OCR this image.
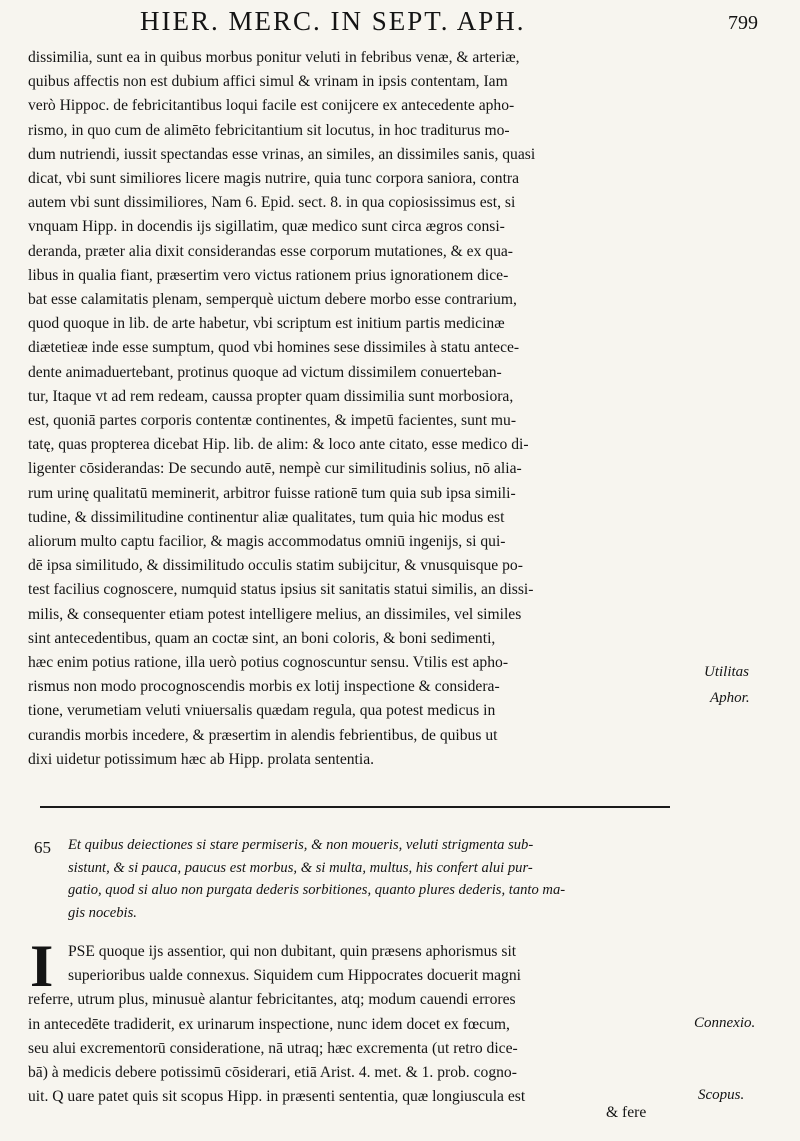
HIER. MERC. IN SEPT. APH.	799
dissimilia, sunt ea in quibus morbus ponitur veluti in febribus venæ, & arteriæ,
quibus affectis non est dubium affici simul & vrinam in ipsis contentam, Iam
verò Hippoc. de febricitantibus loqui facile est conijcere ex antecedente apho-
rismo, in quo cum de alimēto febricitantium sit locutus, in hoc traditurus mo-
dum nutriendi, iussit spectandas esse vrinas, an similes, an dissimiles sanis, quasi
dicat, vbi sunt similiores licere magis nutrire, quia tunc corpora saniora, contra
autem vbi sunt dissimiliores, Nam 6. Epid. sect. 8. in qua copiosissimus est, si
vnquam Hipp. in docendis ijs sigillatim, quæ medico sunt circa ægros consi-
deranda, præter alia dixit considerandas esse corporum mutationes, & ex qua-
libus in qualia fiant, præsertim vero victus rationem prius ignorationem dice-
bat esse calamitatis plenam, semperquè uictum debere morbo esse contrarium,
quod quoque in lib. de arte habetur, vbi scriptum est initium partis medicinæ
diætetieæ inde esse sumptum, quod vbi homines sese dissimiles à statu antece-
dente animaduertebant, protinus quoque ad victum dissimilem conuerteban-
tur, Itaque vt ad rem redeam, caussa propter quam dissimilia sunt morbosiora,
est, quoniā partes corporis contentæ continentes, & impetū facientes, sunt mu-
tatę, quas propterea dicebat Hip. lib. de alim: & loco ante citato, esse medico di-
ligenter cōsiderandas: De secundo autē, nempè cur similitudinis solius, nō alia-
rum urinę qualitatū meminerit, arbitror fuisse rationē tum quia sub ipsa simili-
tudine, & dissimilitudine continentur aliæ qualitates, tum quia hic modus est
aliorum multo captu facilior, & magis accommodatus omniū ingenijs, si qui-
dē ipsa similitudo, & dissimilitudo occulis statim subijcitur, & vnusquisque po-
test facilius cognoscere, numquid status ipsius sit sanitatis statui similis, an dissi-
milis, & consequenter etiam potest intelligere melius, an dissimiles, vel similes
sint antecedentibus, quam an coctæ sint, an boni coloris, & boni sedimenti,
hæc enim potius ratione, illa uerò potius cognoscuntur sensu. Vtilis est apho-
rismus non modo procognoscendis morbis ex lotij inspectione & considera-
tione, verumetiam veluti vniuersalis quædam regula, qua potest medicus in
curandis morbis incedere, & præsertim in alendis febrientibus, de quibus ut
dixi uidetur potissimum hæc ab Hipp. prolata sententia.
Utilitas
Aphor.
65 Et quibus deiectiones si stare permiseris, & non moueris, veluti strigmenta sub-
sistunt, & si pauca, paucus est morbus, & si multa, multus, his confert alui pur-
gatio, quod si aluo non purgata dederis sorbitiones, quanto plures dederis, tanto ma-
gis nocebis.
I PSE quoque ijs assentior, qui non dubitant, quin præsens aphorismus sit
superioribus ualde connexus. Siquidem cum Hippocrates docuerit magni
referre, utrum plus, minusuè alantur febricitantes, atq; modum cauendi errores
in antecedēte tradiderit, ex urinarum inspectione, nunc idem docet ex fœcum,
seu alui excrementorū consideratione, nā utraq; hæc excrementa (ut retro dice-
bā) à medicis debere potissimū cōsiderari, etiā Arist. 4. met. & 1. prob. cogno-
uit. Q uare patet quis sit scopus Hipp. in præsenti sententia, quæ longiuscula est
Connexio.
Scopus.
& fere
